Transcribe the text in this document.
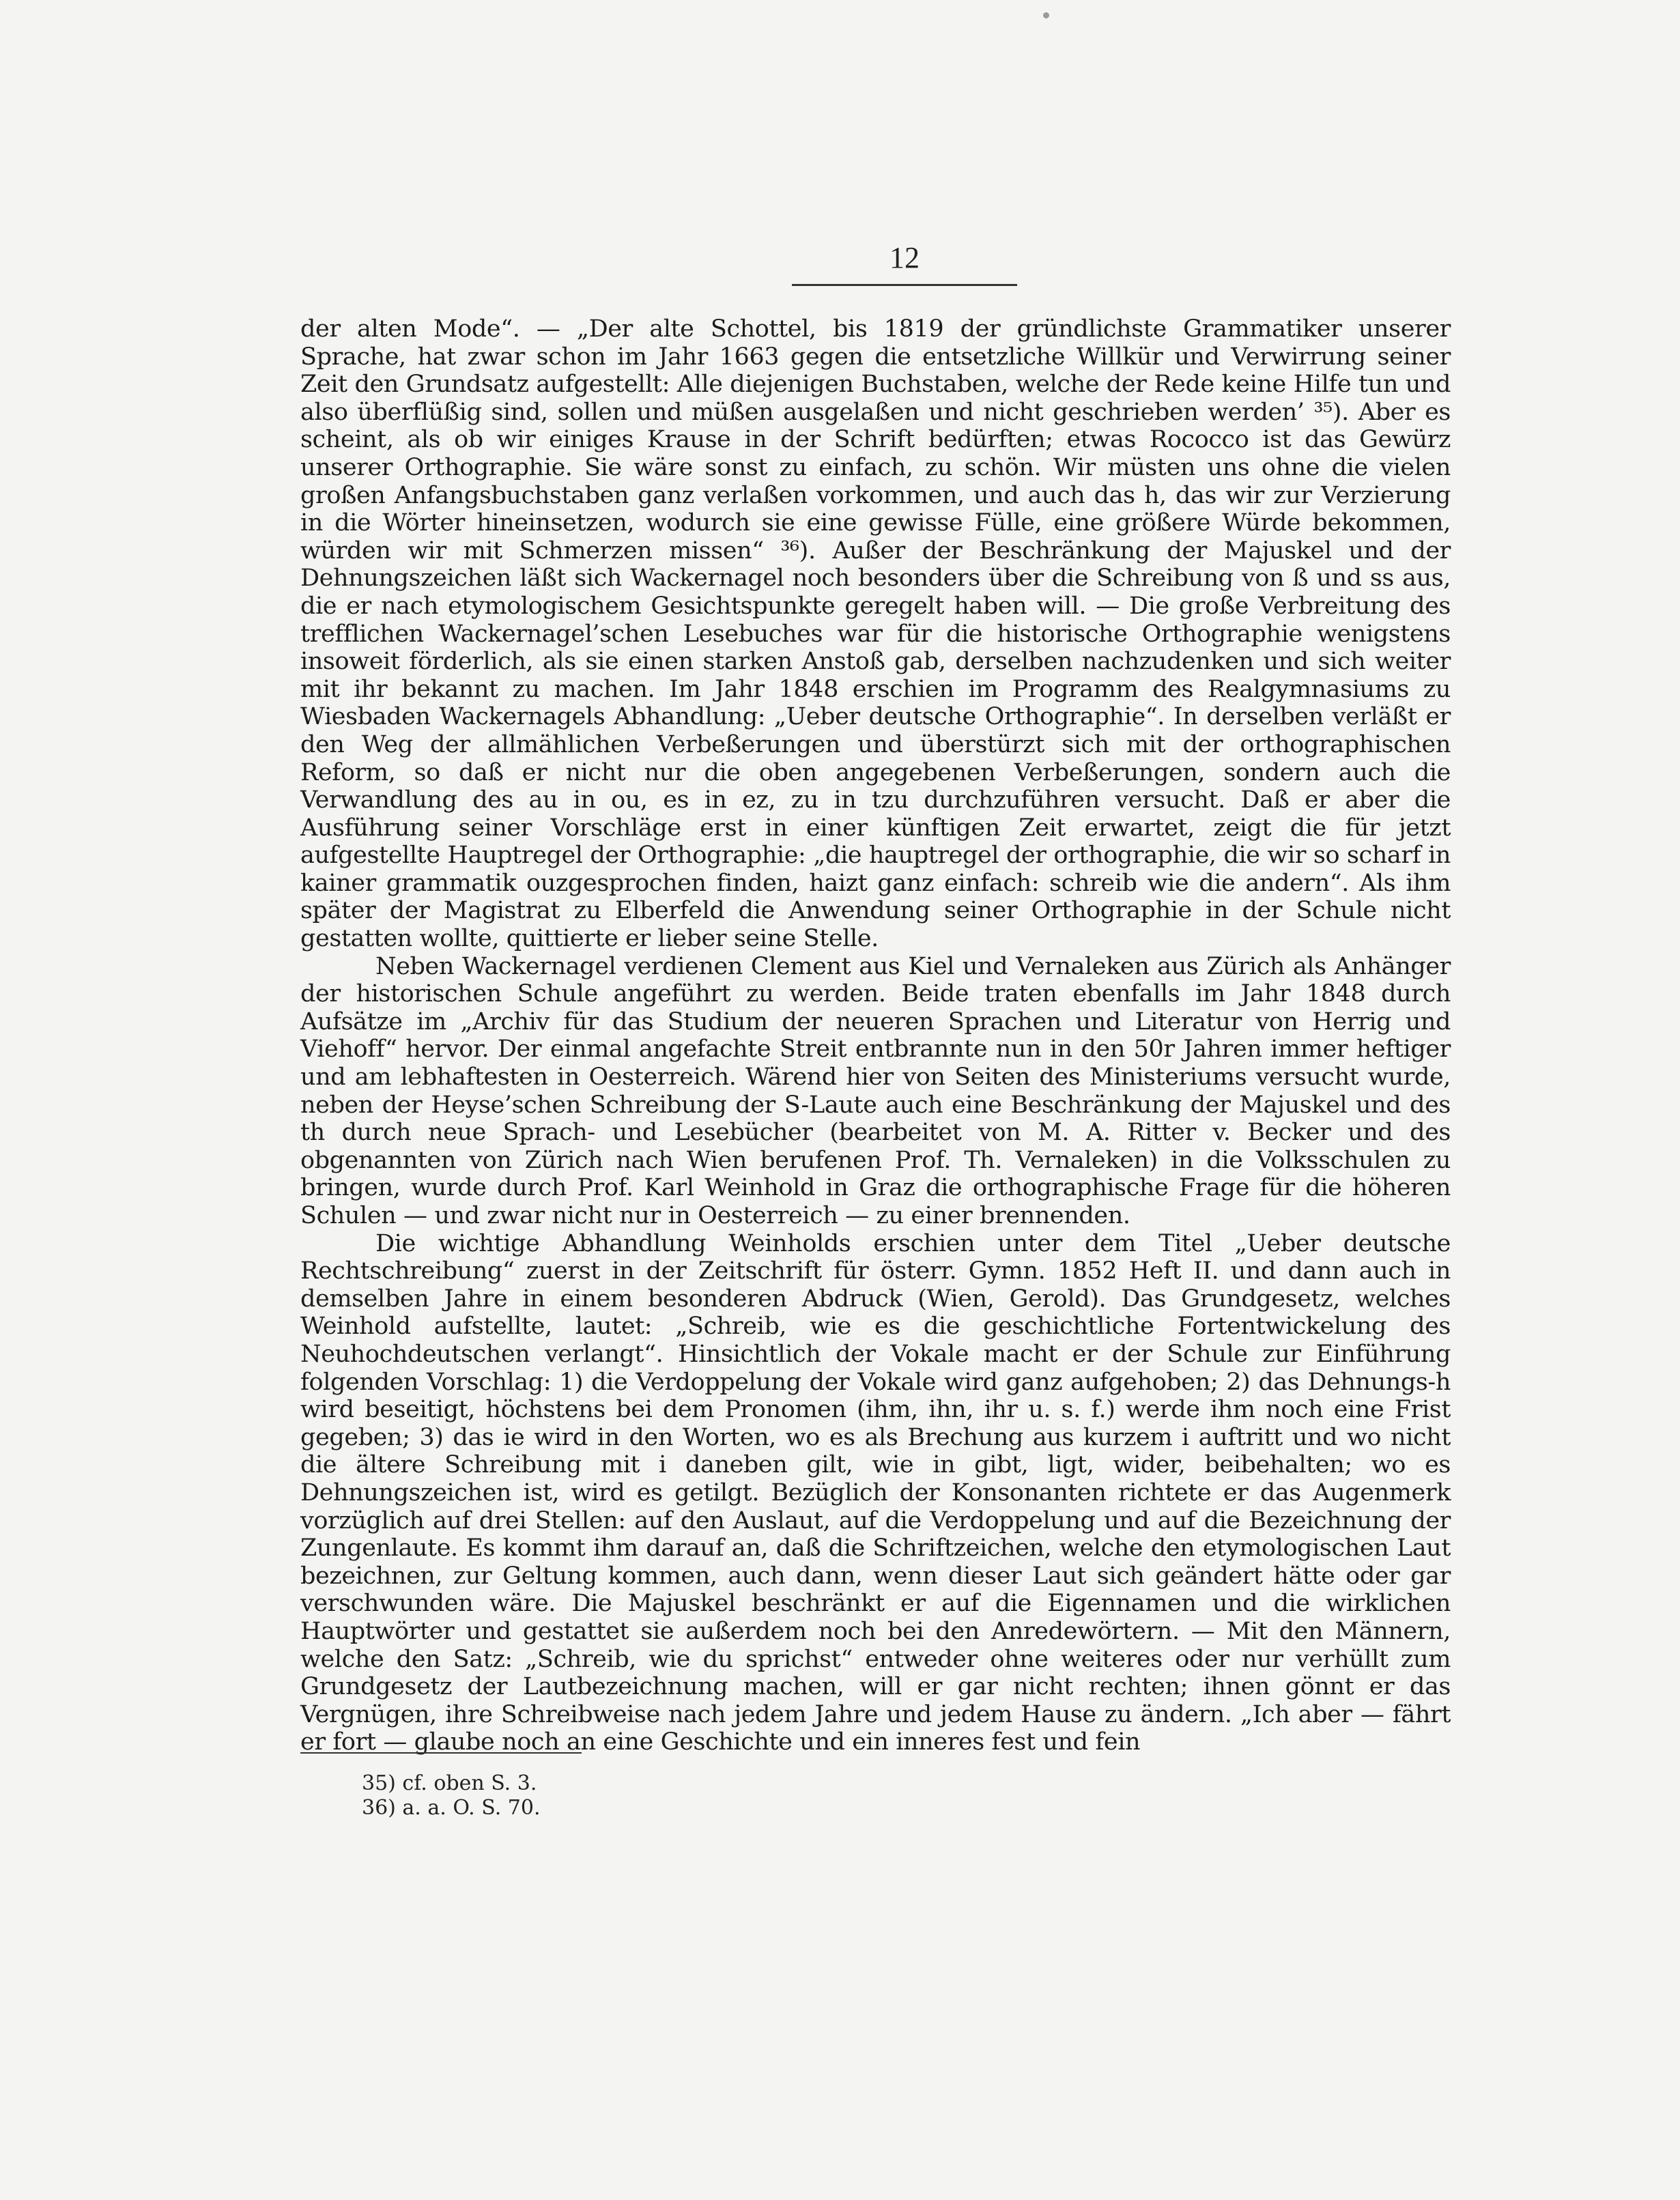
12

der alten Mode“. — „Der alte Schottel, bis 1819 der gründlichste Grammatiker unserer Sprache, hat zwar schon im Jahr 1663 gegen die entsetzliche Willkür und Verwirrung seiner Zeit den Grundsatz aufgestellt: Alle diejenigen Buchstaben, welche der Rede keine Hilfe tun und also überflüßig sind, sollen und müßen ausgelaßen und nicht geschrieben werden’ ³⁵). Aber es scheint, als ob wir einiges Krause in der Schrift bedürften; etwas Rococco ist das Gewürz unserer Orthographie. Sie wäre sonst zu einfach, zu schön. Wir müsten uns ohne die vielen großen Anfangsbuchstaben ganz verlaßen vorkommen, und auch das h, das wir zur Verzierung in die Wörter hineinsetzen, wodurch sie eine gewisse Fülle, eine größere Würde bekommen, würden wir mit Schmerzen missen“ ³⁶). Außer der Beschränkung der Majuskel und der Dehnungszeichen läßt sich Wackernagel noch besonders über die Schreibung von ß und ss aus, die er nach etymologischem Gesichtspunkte geregelt haben will. — Die große Verbreitung des trefflichen Wackernagel’schen Lesebuches war für die historische Orthographie wenigstens insoweit förderlich, als sie einen starken Anstoß gab, derselben nachzudenken und sich weiter mit ihr bekannt zu machen. Im Jahr 1848 erschien im Programm des Realgymnasiums zu Wiesbaden Wackernagels Abhandlung: „Ueber deutsche Orthographie“. In derselben verläßt er den Weg der allmählichen Verbeßerungen und überstürzt sich mit der orthographischen Reform, so daß er nicht nur die oben angegebenen Verbeßerungen, sondern auch die Verwandlung des au in ou, es in ez, zu in tzu durchzuführen versucht. Daß er aber die Ausführung seiner Vorschläge erst in einer künftigen Zeit erwartet, zeigt die für jetzt aufgestellte Hauptregel der Orthographie: „die hauptregel der orthographie, die wir so scharf in kainer grammatik ouzgesprochen finden, haizt ganz einfach: schreib wie die andern“. Als ihm später der Magistrat zu Elberfeld die Anwendung seiner Orthographie in der Schule nicht gestatten wollte, quittierte er lieber seine Stelle.

Neben Wackernagel verdienen Clement aus Kiel und Vernaleken aus Zürich als Anhänger der historischen Schule angeführt zu werden. Beide traten ebenfalls im Jahr 1848 durch Aufsätze im „Archiv für das Studium der neueren Sprachen und Literatur von Herrig und Viehoff“ hervor. Der einmal angefachte Streit entbrannte nun in den 50r Jahren immer heftiger und am lebhaftesten in Oesterreich. Wärend hier von Seiten des Ministeriums versucht wurde, neben der Heyse’schen Schreibung der S-Laute auch eine Beschränkung der Majuskel und des th durch neue Sprach- und Lesebücher (bearbeitet von M. A. Ritter v. Becker und des obgenannten von Zürich nach Wien berufenen Prof. Th. Vernaleken) in die Volksschulen zu bringen, wurde durch Prof. Karl Weinhold in Graz die orthographische Frage für die höheren Schulen — und zwar nicht nur in Oesterreich — zu einer brennenden.

Die wichtige Abhandlung Weinholds erschien unter dem Titel „Ueber deutsche Rechtschreibung“ zuerst in der Zeitschrift für österr. Gymn. 1852 Heft II. und dann auch in demselben Jahre in einem besonderen Abdruck (Wien, Gerold). Das Grundgesetz, welches Weinhold aufstellte, lautet: „Schreib, wie es die geschichtliche Fortentwickelung des Neuhochdeutschen verlangt“. Hinsichtlich der Vokale macht er der Schule zur Einführung folgenden Vorschlag: 1) die Verdoppelung der Vokale wird ganz aufgehoben; 2) das Dehnungs-h wird beseitigt, höchstens bei dem Pronomen (ihm, ihn, ihr u. s. f.) werde ihm noch eine Frist gegeben; 3) das ie wird in den Worten, wo es als Brechung aus kurzem i auftritt und wo nicht die ältere Schreibung mit i daneben gilt, wie in gibt, ligt, wider, beibehalten; wo es Dehnungszeichen ist, wird es getilgt. Bezüglich der Konsonanten richtete er das Augenmerk vorzüglich auf drei Stellen: auf den Auslaut, auf die Verdoppelung und auf die Bezeichnung der Zungenlaute. Es kommt ihm darauf an, daß die Schriftzeichen, welche den etymologischen Laut bezeichnen, zur Geltung kommen, auch dann, wenn dieser Laut sich geändert hätte oder gar verschwunden wäre. Die Majuskel beschränkt er auf die Eigennamen und die wirklichen Hauptwörter und gestattet sie außerdem noch bei den Anredewörtern. — Mit den Männern, welche den Satz: „Schreib, wie du sprichst“ entweder ohne weiteres oder nur verhüllt zum Grundgesetz der Lautbezeichnung machen, will er gar nicht rechten; ihnen gönnt er das Vergnügen, ihre Schreibweise nach jedem Jahre und jedem Hause zu ändern. „Ich aber — fährt er fort — glaube noch an eine Geschichte und ein inneres fest und fein

35) cf. oben S. 3.
36) a. a. O. S. 70.
